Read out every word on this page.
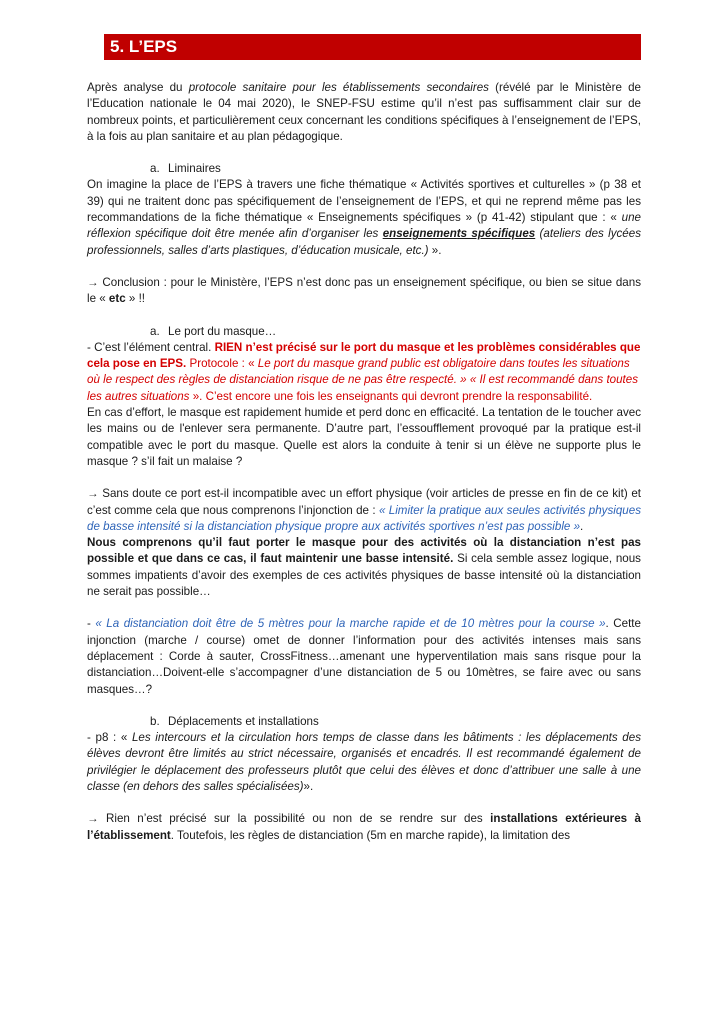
5. L’EPS

Après analyse du protocole sanitaire pour les établissements secondaires (révélé par le Ministère de l’Education nationale le 04 mai 2020), le SNEP-FSU estime qu’il n’est pas suffisamment clair sur de nombreux points, et particulièrement ceux concernant les conditions spécifiques à l’enseignement de l’EPS, à la fois au plan sanitaire et au plan pédagogique.

a. Liminaires

On imagine la place de l’EPS à travers une fiche thématique « Activités sportives et culturelles » (p 38 et 39) qui ne traitent donc pas spécifiquement de l’enseignement de l’EPS, et qui ne reprend même pas les recommandations de la fiche thématique « Enseignements spécifiques » (p 41-42) stipulant que : « une réflexion spécifique doit être menée afin d’organiser les enseignements spécifiques (ateliers des lycées professionnels, salles d’arts plastiques, d’éducation musicale, etc.) ».

→ Conclusion : pour le Ministère, l’EPS n’est donc pas un enseignement spécifique, ou bien se situe dans le « etc » !!

a. Le port du masque…

- C’est l’élément central. RIEN n’est précisé sur le port du masque et les problèmes considérables que cela pose en EPS. Protocole : « Le port du masque grand public est obligatoire dans toutes les situations où le respect des règles de distanciation risque de ne pas être respecté. » « Il est recommandé dans toutes les autres situations ». C’est encore une fois les enseignants qui devront prendre la responsabilité.

En cas d’effort, le masque est rapidement humide et perd donc en efficacité. La tentation de le toucher avec les mains ou de l'enlever sera permanente. D’autre part, l’essoufflement provoqué par la pratique est-il compatible avec le port du masque. Quelle est alors la conduite à tenir si un élève ne supporte plus le masque ? s’il fait un malaise ?

→ Sans doute ce port est-il incompatible avec un effort physique (voir articles de presse en fin de ce kit) et c’est comme cela que nous comprenons l’injonction de : « Limiter la pratique aux seules activités physiques de basse intensité si la distanciation physique propre aux activités sportives n’est pas possible ».

Nous comprenons qu’il faut porter le masque pour des activités où la distanciation n’est pas possible et que dans ce cas, il faut maintenir une basse intensité. Si cela semble assez logique, nous sommes impatients d’avoir des exemples de ces activités physiques de basse intensité où la distanciation ne serait pas possible…

- « La distanciation doit être de 5 mètres pour la marche rapide et de 10 mètres pour la course ». Cette injonction (marche / course) omet de donner l’information pour des activités intenses mais sans déplacement : Corde à sauter, CrossFitness…amenant une hyperventilation mais sans risque pour la distanciation…Doivent-elle s’accompagner d’une distanciation de 5 ou 10mètres, se faire avec ou sans masques…?

b. Déplacements et installations

- p8 : « Les intercours et la circulation hors temps de classe dans les bâtiments : les déplacements des élèves devront être limités au strict nécessaire, organisés et encadrés. Il est recommandé également de privilégier le déplacement des professeurs plutôt que celui des élèves et donc d’attribuer une salle à une classe (en dehors des salles spécialisées)».

→ Rien n’est précisé sur la possibilité ou non de se rendre sur des installations extérieures à l’établissement. Toutefois, les règles de distanciation (5m en marche rapide), la limitation des
